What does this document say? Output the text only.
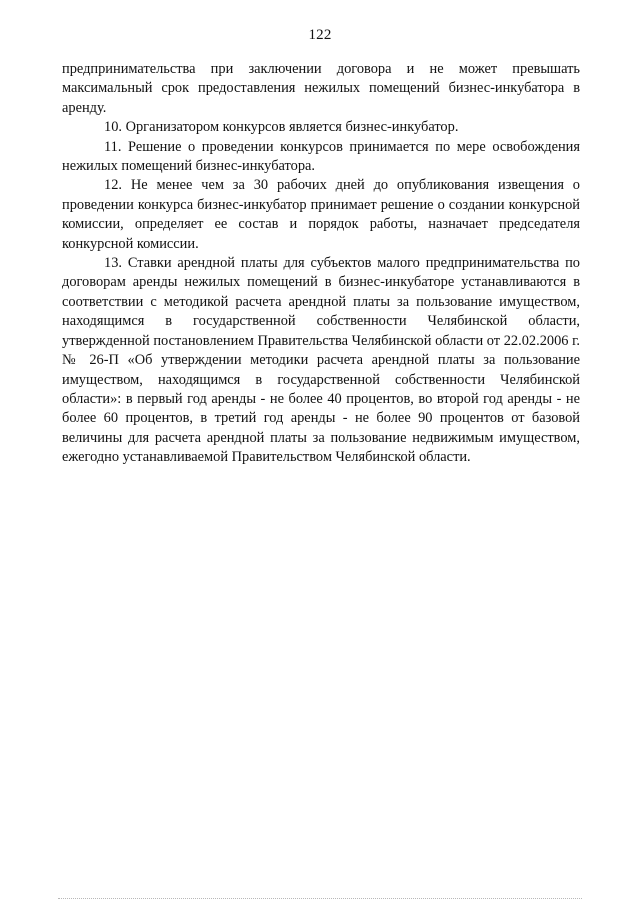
122

предпринимательства при заключении договора и не может превышать максимальный срок предоставления нежилых помещений бизнес-инкубатора в аренду.

10. Организатором конкурсов является бизнес-инкубатор.

11. Решение о проведении конкурсов принимается по мере освобождения нежилых помещений бизнес-инкубатора.

12. Не менее чем за 30 рабочих дней до опубликования извещения о проведении конкурса бизнес-инкубатор принимает решение о создании конкурсной комиссии, определяет ее состав и порядок работы, назначает председателя конкурсной комиссии.

13. Ставки арендной платы для субъектов малого предпринимательства по договорам аренды нежилых помещений в бизнес-инкубаторе устанавливаются в соответствии с методикой расчета арендной платы за пользование имуществом, находящимся в государственной собственности Челябинской области, утвержденной постановлением Правительства Челябинской области от 22.02.2006 г. № 26-П «Об утверждении методики расчета арендной платы за пользование имуществом, находящимся в государственной собственности Челябинской области»: в первый год аренды - не более 40 процентов, во второй год аренды - не более 60 процентов, в третий год аренды - не более 90 процентов от базовой величины для расчета арендной платы за пользование недвижимым имуществом, ежегодно устанавливаемой Правительством Челябинской области.
